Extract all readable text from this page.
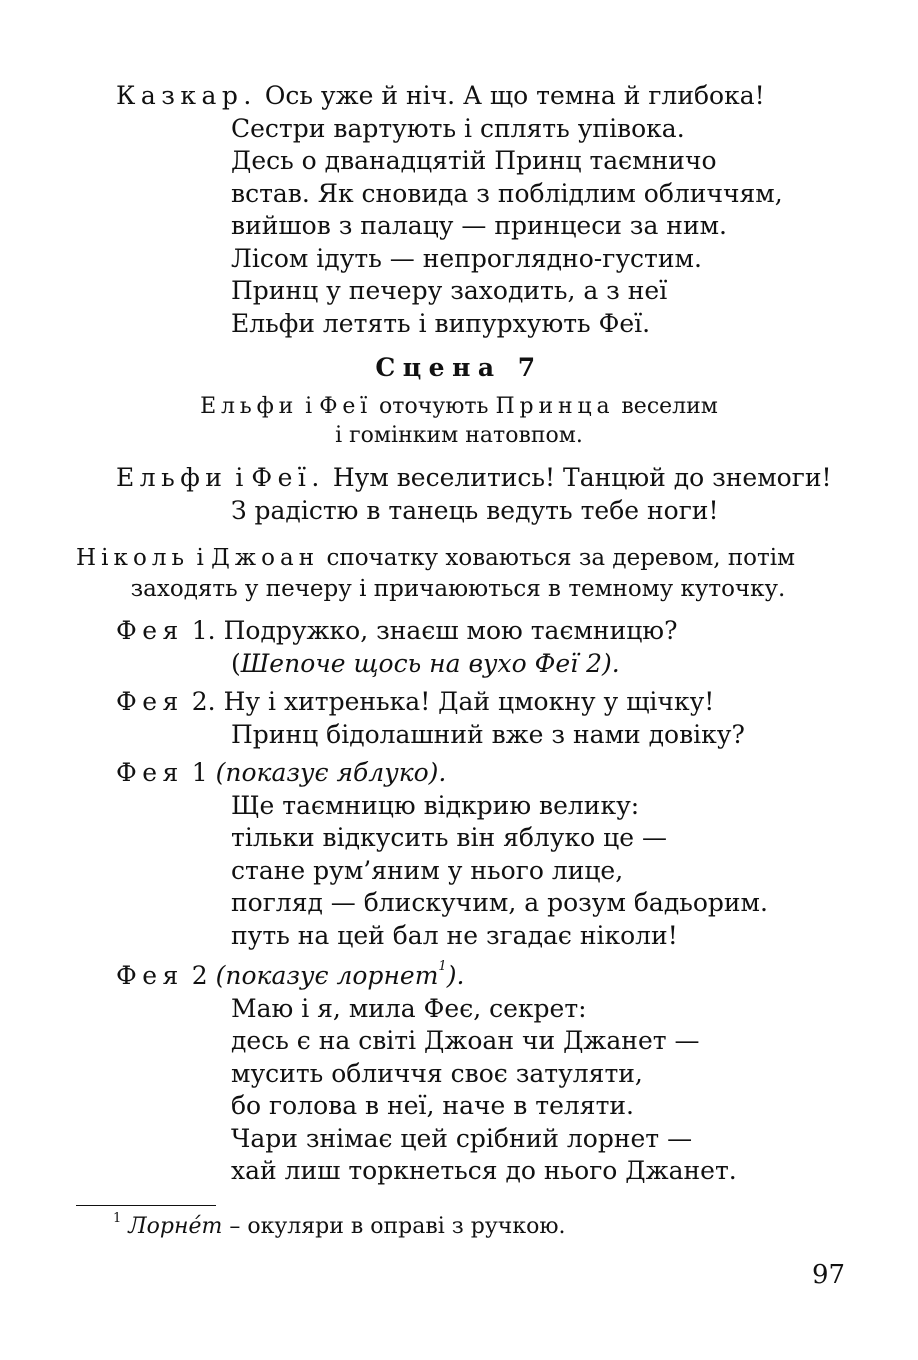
Казкар. Ось уже й ніч. А що темна й глибока!
Сестри вартують і сплять упівока.
Десь о дванадцятій Принц таємничо
встав. Як сновида з поблідлим обличчям,
вийшов з палацу — принцеси за ним.
Лісом ідуть — непроглядно-густим.
Принц у печеру заходить, а з неї
Ельфи летять і випурхують Феї.
Сцена 7
Ельфи і Феї оточують Принца веселим
і гомінким натовпом.
Ельфи і Феї. Нум веселитись! Танцюй до знемоги!
З радістю в танець ведуть тебе ноги!
Ніколь і Джоан спочатку ховаються за деревом, потім
заходять у печеру і причаюються в темному куточку.
Фея 1. Подружко, знаєш мою таємницю?
(Шепоче щось на вухо Феї 2).
Фея 2. Ну і хитренька! Дай цмокну у щічку!
Принц бідолашний вже з нами довіку?
Фея 1 (показує яблуко).
Ще таємницю відкрию велику:
тільки відкусить він яблуко це —
стане рум’яним у нього лице,
погляд — блискучим, а розум бадьорим.
путь на цей бал не згадає ніколи!
Фея 2 (показує лорнет$^1$).
Маю і я, мила Феє, секрет:
десь є на світі Джоан чи Джанет —
мусить обличчя своє затуляти,
бо голова в неї, наче в теляти.
Чари знімає цей срібний лорнет —
хай лиш торкнеться до нього Джанет.
$^1$ Лорне́т – окуляри в оправі з ручкою.
97
